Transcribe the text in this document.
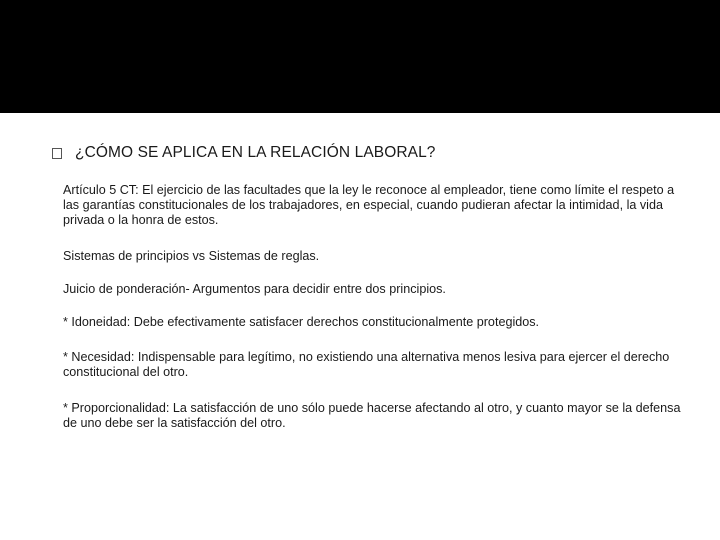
¿CÓMO SE APLICA EN LA RELACIÓN LABORAL?

Artículo 5 CT: El ejercicio de las facultades que la ley le reconoce al empleador, tiene como límite el respeto a las garantías constitucionales de los trabajadores, en especial, cuando pudieran afectar la intimidad, la vida privada o la honra de estos.

Sistemas de principios vs Sistemas de reglas.

Juicio de ponderación- Argumentos para decidir entre dos principios.

* Idoneidad: Debe efectivamente satisfacer derechos constitucionalmente protegidos.

* Necesidad: Indispensable para legítimo, no existiendo una alternativa menos lesiva para ejercer el derecho constitucional del otro.

* Proporcionalidad: La satisfacción de uno sólo puede hacerse afectando al otro, y cuanto mayor se la defensa de uno debe ser la satisfacción del otro.
